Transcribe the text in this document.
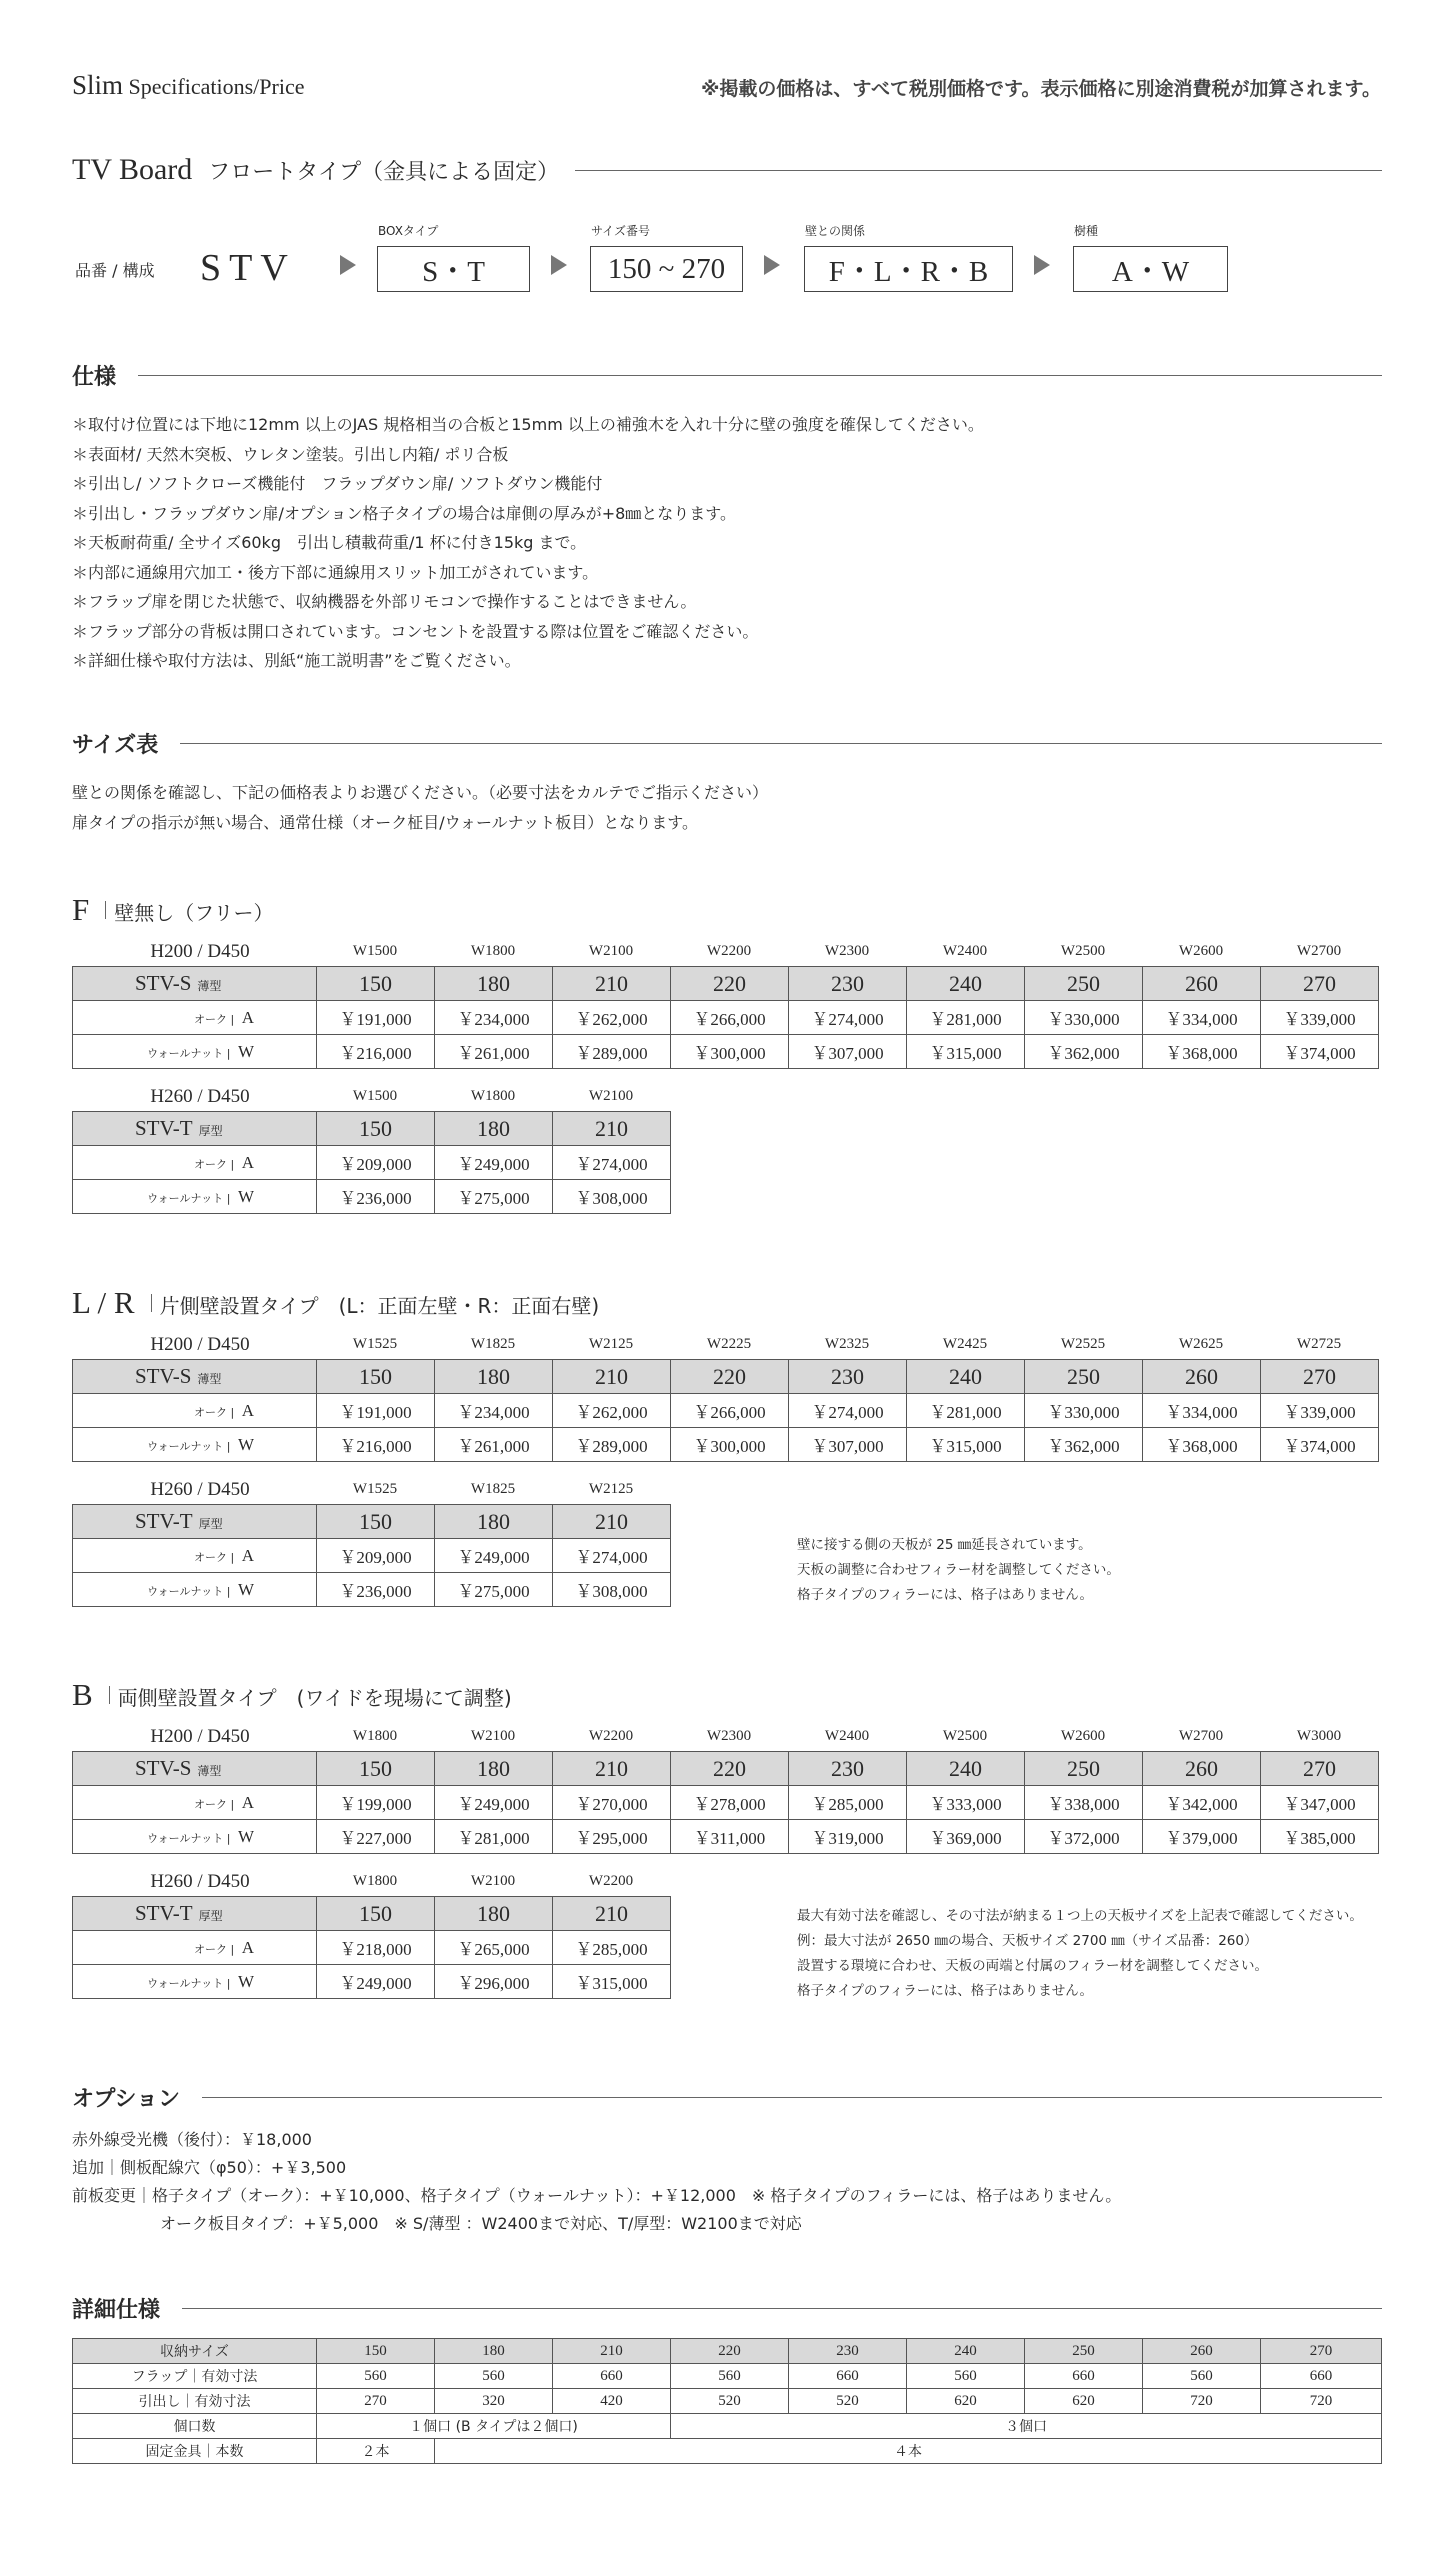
Slim Specifications/Price	※掲載の価格は、すべて税別価格です。表示価格に別途消費税が加算されます。
TV Board フロートタイプ（金具による固定）
品番 / 構成 STV
BOXタイプ
S・T
サイズ番号
150 ~ 270
壁との関係
F・L・R・B
樹種
A・W
仕様
＊取付け位置には下地に12mm 以上のJAS 規格相当の合板と15mm 以上の補強木を入れ十分に壁の強度を確保してください。
＊表面材/ 天然木突板、ウレタン塗装。引出し内箱/ ポリ合板
＊引出し/ ソフトクローズ機能付　フラップダウン扉/ ソフトダウン機能付
＊引出し・フラップダウン扉/オプション格子タイプの場合は扉側の厚みが+8㎜となります。
＊天板耐荷重/ 全サイズ60kg　引出し積載荷重/1 杯に付き15kg まで。
＊内部に通線用穴加工・後方下部に通線用スリット加工がされています。
＊フラップ扉を閉じた状態で、収納機器を外部リモコンで操作することはできません。
＊フラップ部分の背板は開口されています。コンセントを設置する際は位置をご確認ください。
＊詳細仕様や取付方法は、別紙“施工説明書”をご覧ください。
サイズ表
壁との関係を確認し、下記の価格表よりお選びください。（必要寸法をカルテでご指示ください）
扉タイプの指示が無い場合、通常仕様（オーク柾目/ウォールナット板目）となります。
F 壁無し（フリー）
W1500	W1800	W2100	W2200	W2300	W2400	W2500	W2600	W2700
H200 / D450
STV-S 薄型	150	180	210	220	230	240	250	260	270
オーク | A	￥191,000	￥234,000	￥262,000	￥266,000	￥274,000	￥281,000	￥330,000	￥334,000	￥339,000
ウォールナット | W	￥216,000	￥261,000	￥289,000	￥300,000	￥307,000	￥315,000	￥362,000	￥368,000	￥374,000
W1500	W1800	W2100
H260 / D450
STV-T 厚型	150	180	210
オーク | A	￥209,000	￥249,000	￥274,000
ウォールナット | W	￥236,000	￥275,000	￥308,000
L / R 片側壁設置タイプ　(L：正面左壁・R：正面右壁)
W1525	W1825	W2125	W2225	W2325	W2425	W2525	W2625	W2725
H200 / D450
STV-S 薄型	150	180	210	220	230	240	250	260	270
オーク | A	￥191,000	￥234,000	￥262,000	￥266,000	￥274,000	￥281,000	￥330,000	￥334,000	￥339,000
ウォールナット | W	￥216,000	￥261,000	￥289,000	￥300,000	￥307,000	￥315,000	￥362,000	￥368,000	￥374,000
W1525	W1825	W2125
H260 / D450
STV-T 厚型	150	180	210
オーク | A	￥209,000	￥249,000	￥274,000
ウォールナット | W	￥236,000	￥275,000	￥308,000
壁に接する側の天板が 25 ㎜延長されています。
天板の調整に合わせフィラー材を調整してください。
格子タイプのフィラーには、格子はありません。
B 両側壁設置タイプ　(ワイドを現場にて調整)
W1800	W2100	W2200	W2300	W2400	W2500	W2600	W2700	W3000
H200 / D450
STV-S 薄型	150	180	210	220	230	240	250	260	270
オーク | A	￥199,000	￥249,000	￥270,000	￥278,000	￥285,000	￥333,000	￥338,000	￥342,000	￥347,000
ウォールナット | W	￥227,000	￥281,000	￥295,000	￥311,000	￥319,000	￥369,000	￥372,000	￥379,000	￥385,000
W1800	W2100	W2200
H260 / D450
STV-T 厚型	150	180	210
オーク | A	￥218,000	￥265,000	￥285,000
ウォールナット | W	￥249,000	￥296,000	￥315,000
最大有効寸法を確認し、その寸法が納まる１つ上の天板サイズを上記表で確認してください。
例：最大寸法が 2650 ㎜の場合、天板サイズ 2700 ㎜（サイズ品番：260）
設置する環境に合わせ、天板の両端と付属のフィラー材を調整してください。
格子タイプのフィラーには、格子はありません。
オプション
赤外線受光機（後付）：￥18,000
追加｜側板配線穴（φ50）：+￥3,500
前板変更｜格子タイプ（オーク）：+￥10,000、格子タイプ（ウォールナット）：+￥12,000　※ 格子タイプのフィラーには、格子はありません。
オーク板目タイプ：+￥5,000　※ S/薄型 ：W2400まで対応、T/厚型：W2100まで対応
詳細仕様
収納サイズ	150	180	210	220	230	240	250	260	270
フラップ｜有効寸法	560	560	660	560	660	560	660	560	660
引出し｜有効寸法	270	320	420	520	520	620	620	720	720
個口数	１個口 (B タイプは２個口)			３個口					
固定金具｜本数	２本	４本							
